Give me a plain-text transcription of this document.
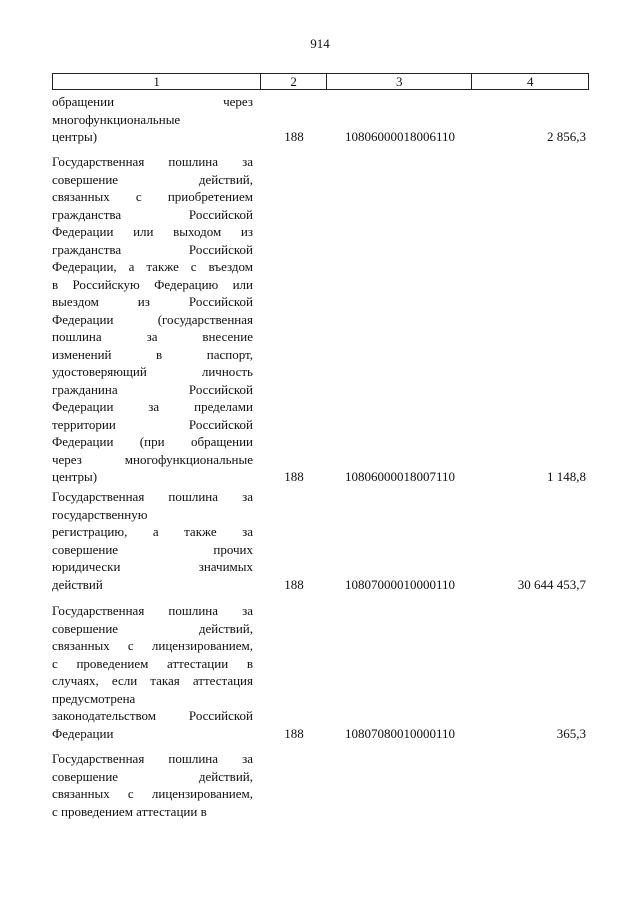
914
1	2	3	4
обращении через
многофункциональные
центры)	188	10806000018006110	2 856,3
Государственная пошлина за
совершение действий,
связанных с приобретением
гражданства Российской
Федерации или выходом из
гражданства Российской
Федерации, а также с въездом
в Российскую Федерацию или
выездом из Российской
Федерации (государственная
пошлина за внесение
изменений в паспорт,
удостоверяющий личность
гражданина Российской
Федерации за пределами
территории Российской
Федерации (при обращении
через многофункциональные
центры)	188	10806000018007110	1 148,8
Государственная пошлина за
государственную
регистрацию, а также за
совершение прочих
юридически значимых
действий	188	10807000010000110	30 644 453,7
Государственная пошлина за
совершение действий,
связанных с лицензированием,
с проведением аттестации в
случаях, если такая аттестация
предусмотрена
законодательством Российской
Федерации	188	10807080010000110	365,3
Государственная пошлина за
совершение действий,
связанных с лицензированием,
с проведением аттестации в
